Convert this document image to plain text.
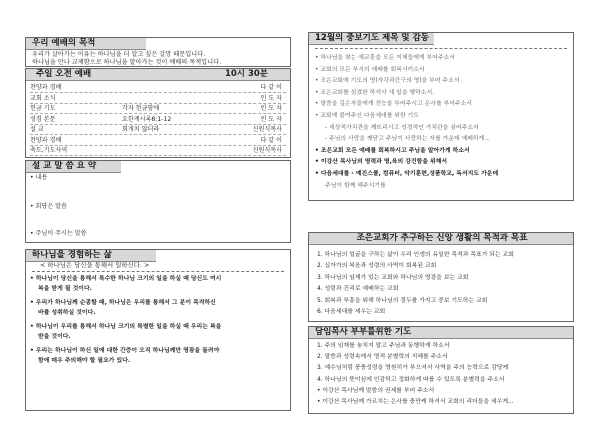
우리 예배의 목적
우리가 살아가는 이유는 하나님을 더 알고 싶은 갈망 때문입니다.
하나님을 만나 교제함으로 하나님을 알아가는 것이 예배의 목적입니다.
주일 오전 예배	10시 30분
찬양과 경배	다 같 이
교회 소식	인 도 자
헌금 기도	각자 헌금함에	인 도 자
성경 본문	요한계시록8:1-12	인 도 자
설 교	회개치 않더라	신원식목사
찬양과 경배	다 같 이
축도,기도사역	신원식목사
설 교 말 씀 요 약
• 내용
• 회당은 말씀
• 주님이 주시는 말씀
하나님을 경험하는 삶
< 하나님은 당신을 통해서 일하신다. >
• 하나님이 당신을 통해서 특수한 하나님 크기의 일을 하실 때 당신도 여시
복을 받게 될 것이다.
• 우리가 하나님께 순종할 때, 하나님은 우리를 통해서 그 분이 목적하신
바를 성취하실 것이다.
• 하나님이 우리를 통해서 하나님 크기의 특별한 일을 하실 때 우리는 복을
받을 것이다.
• 우리는 하나님이 하신 일에 대한 간증이 오직 하나님께만 영광을 돌려야
함에 매우 주의해야 할 필요가 있다.
12월의 중보기도 제목 및 감동
• 하나님을 찾는 예교훈을 모든 지체들에게 부어주소서
• 교회의 모든 부서의 예배를 회복시키소서
• 조은교회에 기도의 영(자각과간구의 영)을 부어 주소서
• 조은교회를 섬겼한 하석사 새 일을 행하소서.
• 말씀을 깊은자들에게 전능을 부어주시고 은사를 부어주소서
• 교회에 붙여주신 다음세대를 위한 기도
- 세상적가치관을 깨뜨리시고 성경적인 가치관을 심어주소서
- 주님의 사랑을 깨닫고 주님이 사랑하는 자를 가운데 예배하게...
• 조은교회 모든 예배를 회복하시고 주님을 알아가게 하소서
• 이강산 목사님의 영력과 영,육의 강건함을 위해서
• 다음세대를 - 예진스쿨, 컴퓨터, 악기훈련,성품학교, 독서지도 가운데
주님이 함께 해주시기를
조은교회가 추구하는 신앙 생활의 목적과 목표
1. 하나님의 얼굴을 구하는 삶이 우리 인생의 유일한 목적과 목표가 되는 교회
2. 십자가의 복음과 성령의 사역이 회복된 교회
3. 하나님의 임재가 있는 교회와 하나님의 영광을 보는 교회
4. 성령과 진리로 예배하는 교회
5. 회복과 부흥을 위해 하나님의 절두를 가지고 중보 기도하는 교회
6. 다음세대를 세우는 교회
담임목사 부부를위한 기도
1. 주의 임재를 놓치지 말고 주님과 동행하게 하소서
2. 말씀과 성령속에서 영적 분별력의 지혜를 주소서
3. 예수님처럼 풍충성령을 영원히가 부으셔서 사역을 주의 능력으로 감당케
4. 하나님의 뜻이심에 인감하고 정화하게 따를 수 있도록 분별력을 주소서
• 이강산 목사님께 말씀의 권세를 부어 주소서
• 이강산 목사님께 가르치는 은사를 충만케 하셔서 교회의 리더들을 세우게...
